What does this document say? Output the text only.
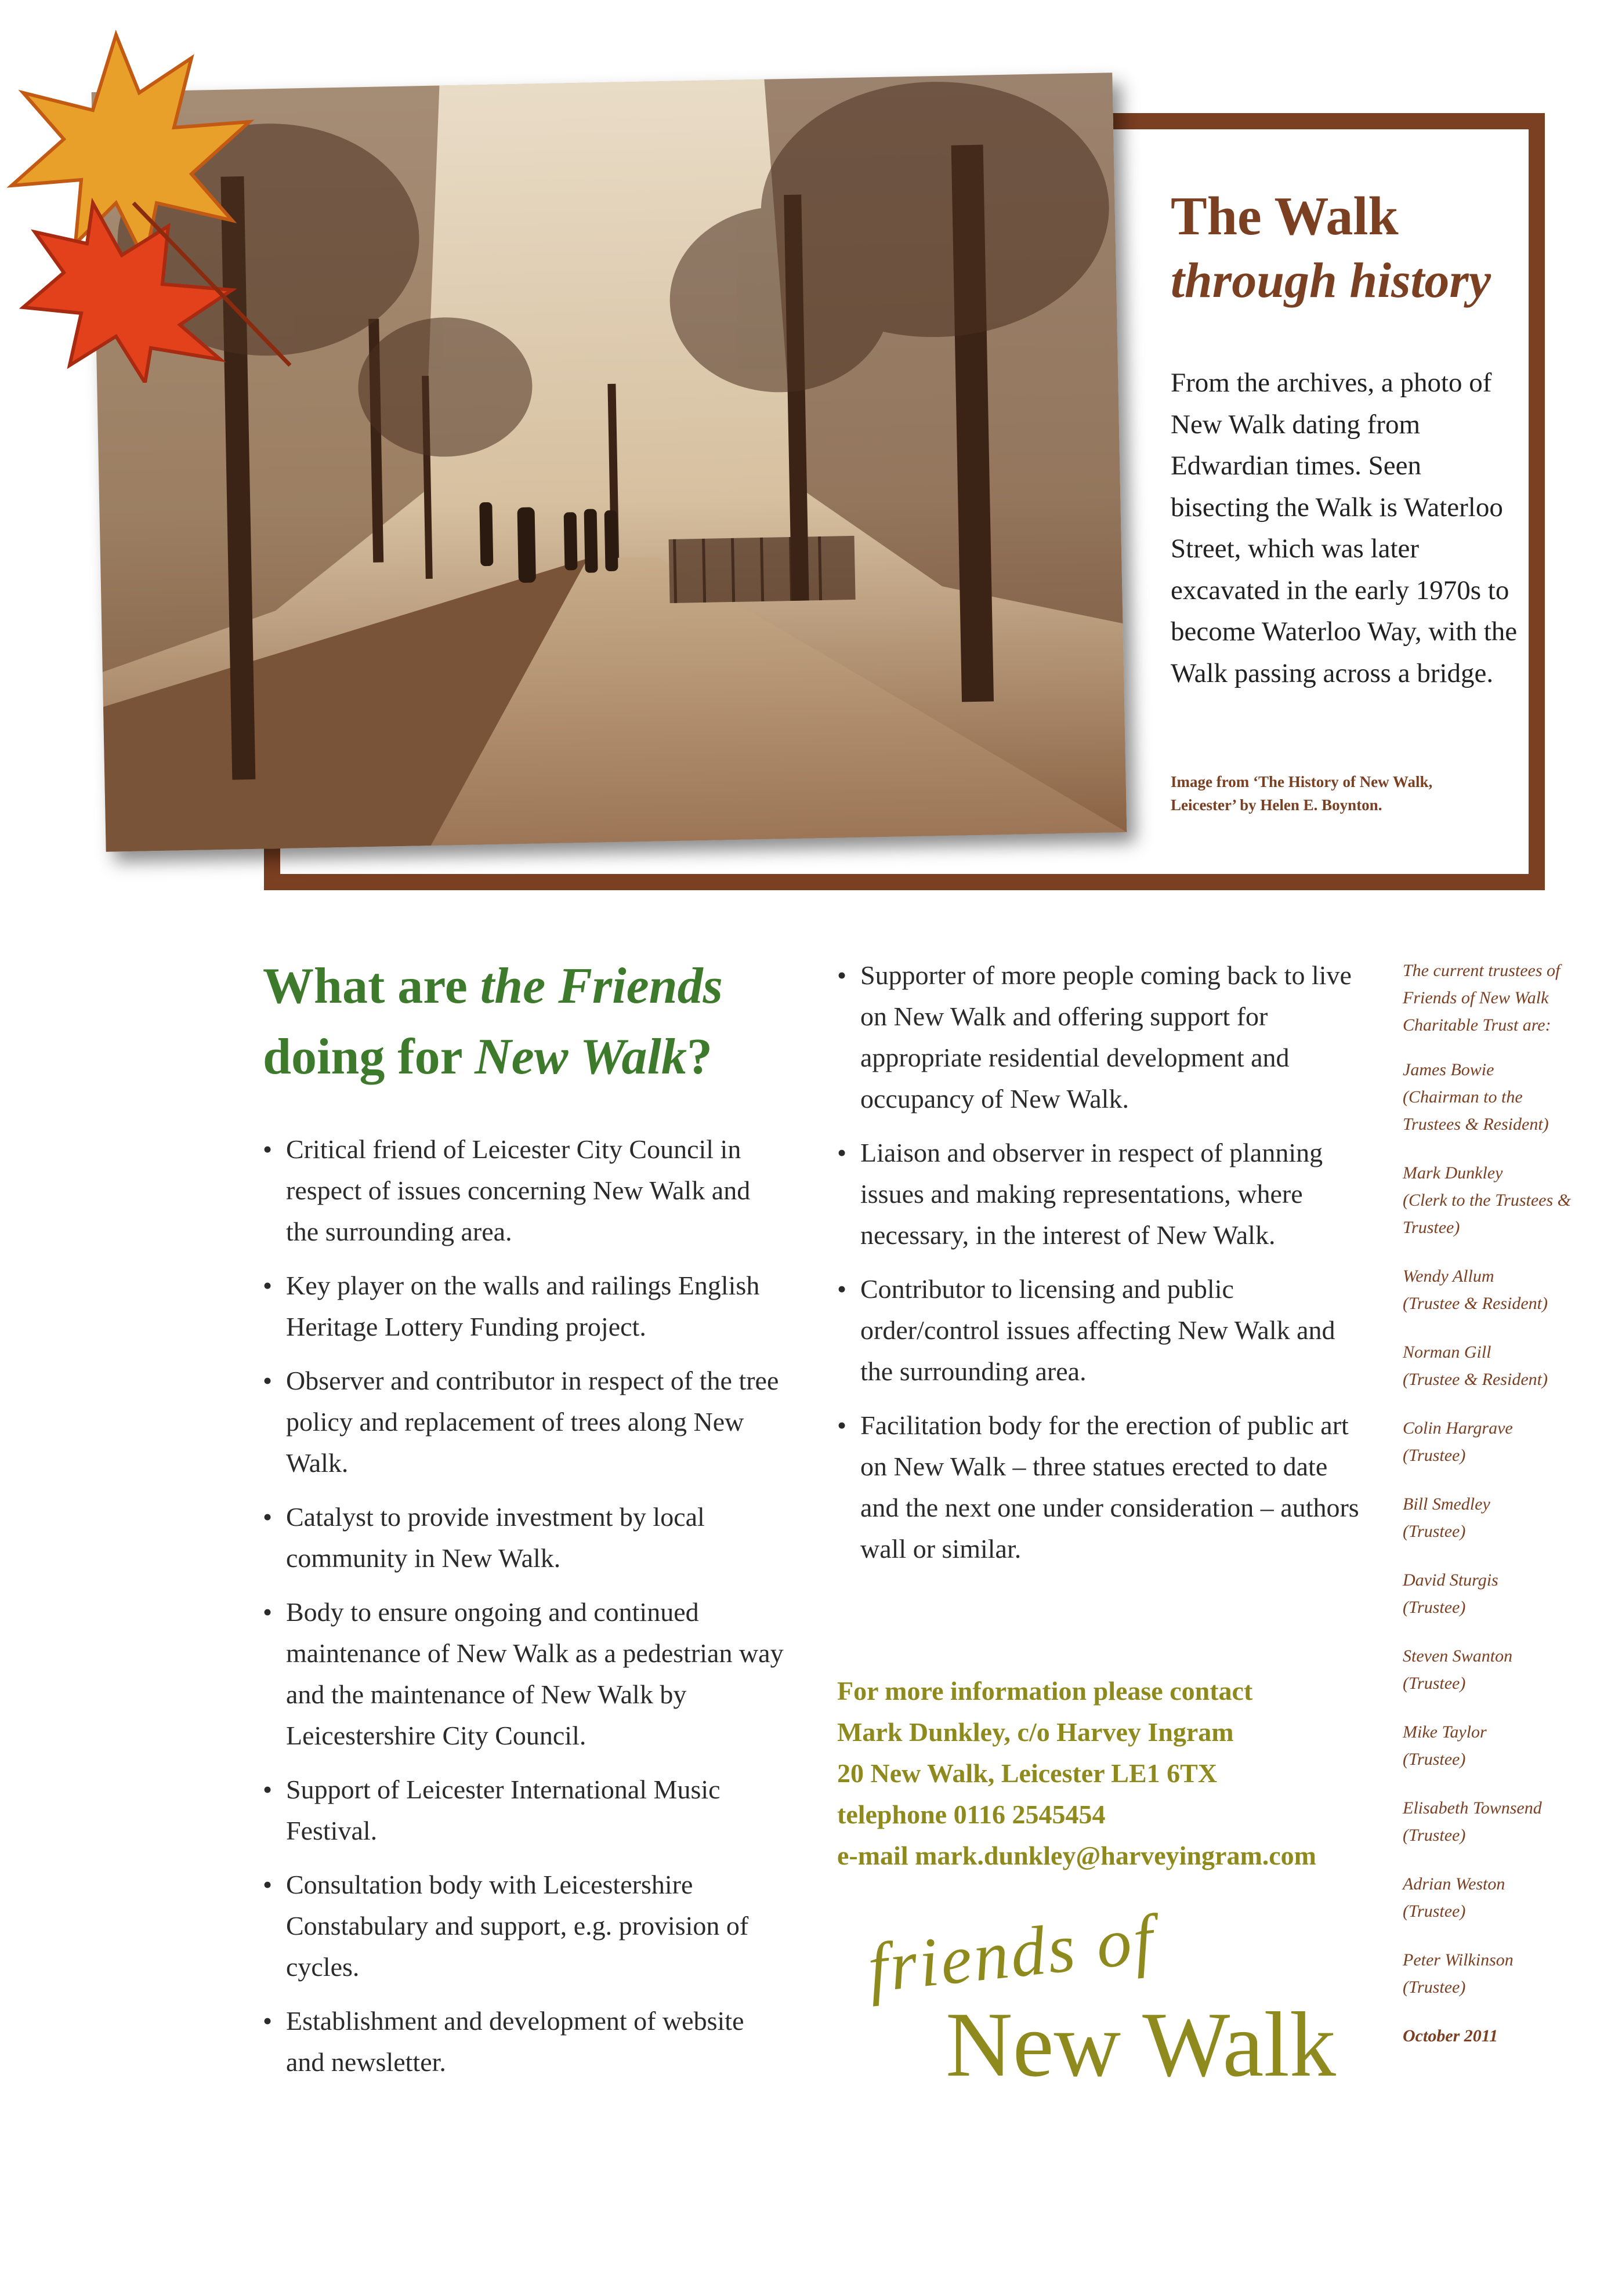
The Walk
through history
From the archives, a photo of New Walk dating from Edwardian times. Seen bisecting the Walk is Waterloo Street, which was later excavated in the early 1970s to become Waterloo Way, with the Walk passing across a bridge.
Image from ‘The History of New Walk, Leicester’ by Helen E. Boynton.
What are the Friends
doing for New Walk?
• Critical friend of Leicester City Council in respect of issues concerning New Walk and the surrounding area.
• Key player on the walls and railings English Heritage Lottery Funding project.
• Observer and contributor in respect of the tree policy and replacement of trees along New Walk.
• Catalyst to provide investment by local community in New Walk.
• Body to ensure ongoing and continued maintenance of New Walk as a pedestrian way and the maintenance of New Walk by Leicestershire City Council.
• Support of Leicester International Music Festival.
• Consultation body with Leicestershire Constabulary and support, e.g. provision of cycles.
• Establishment and development of website and newsletter.
• Supporter of more people coming back to live on New Walk and offering support for appropriate residential development and occupancy of New Walk.
• Liaison and observer in respect of planning issues and making representations, where necessary, in the interest of New Walk.
• Contributor to licensing and public order/control issues affecting New Walk and the surrounding area.
• Facilitation body for the erection of public art on New Walk – three statues erected to date and the next one under consideration – authors wall or similar.
For more information please contact
Mark Dunkley, c/o Harvey Ingram
20 New Walk, Leicester LE1 6TX
telephone 0116 2545454
e-mail mark.dunkley@harveyingram.com
friends of
New Walk
The current trustees of Friends of New Walk Charitable Trust are:
James Bowie
(Chairman to the Trustees & Resident)
Mark Dunkley
(Clerk to the Trustees & Trustee)
Wendy Allum
(Trustee & Resident)
Norman Gill
(Trustee & Resident)
Colin Hargrave
(Trustee)
Bill Smedley
(Trustee)
David Sturgis
(Trustee)
Steven Swanton
(Trustee)
Mike Taylor
(Trustee)
Elisabeth Townsend
(Trustee)
Adrian Weston
(Trustee)
Peter Wilkinson
(Trustee)
October 2011
